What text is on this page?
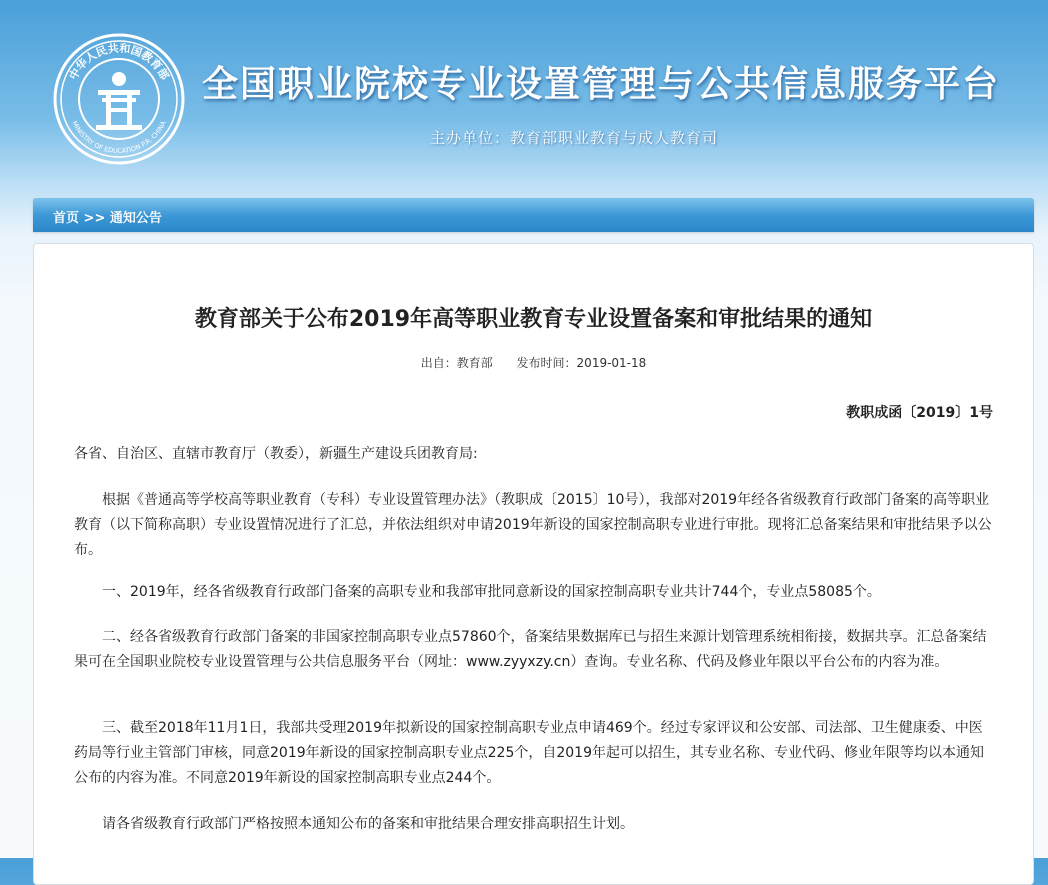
中华人民共和国教育部
MINISTRY OF EDUCATION P.R. CHINA
全国职业院校专业设置管理与公共信息服务平台
主办单位：教育部职业教育与成人教育司
首页 >> 通知公告
教育部关于公布2019年高等职业教育专业设置备案和审批结果的通知
出自：教育部 发布时间：2019-01-18
教职成函〔2019〕1号

各省、自治区、直辖市教育厅（教委），新疆生产建设兵团教育局:

根据《普通高等学校高等职业教育（专科）专业设置管理办法》（教职成〔2015〕10号），我部对2019年经各省级教育行政部门备案的高等职业教育（以下简称高职）专业设置情况进行了汇总，并依法组织对申请2019年新设的国家控制高职专业进行审批。现将汇总备案结果和审批结果予以公布。

一、2019年，经各省级教育行政部门备案的高职专业和我部审批同意新设的国家控制高职专业共计744个，专业点58085个。

二、经各省级教育行政部门备案的非国家控制高职专业点57860个，备案结果数据库已与招生来源计划管理系统相衔接，数据共享。汇总备案结果可在全国职业院校专业设置管理与公共信息服务平台（网址：www.zyyxzy.cn）查询。专业名称、代码及修业年限以平台公布的内容为准。

三、截至2018年11月1日，我部共受理2019年拟新设的国家控制高职专业点申请469个。经过专家评议和公安部、司法部、卫生健康委、中医药局等行业主管部门审核，同意2019年新设的国家控制高职专业点225个，自2019年起可以招生，其专业名称、专业代码、修业年限等均以本通知公布的内容为准。不同意2019年新设的国家控制高职专业点244个。

请各省级教育行政部门严格按照本通知公布的备案和审批结果合理安排高职招生计划。
